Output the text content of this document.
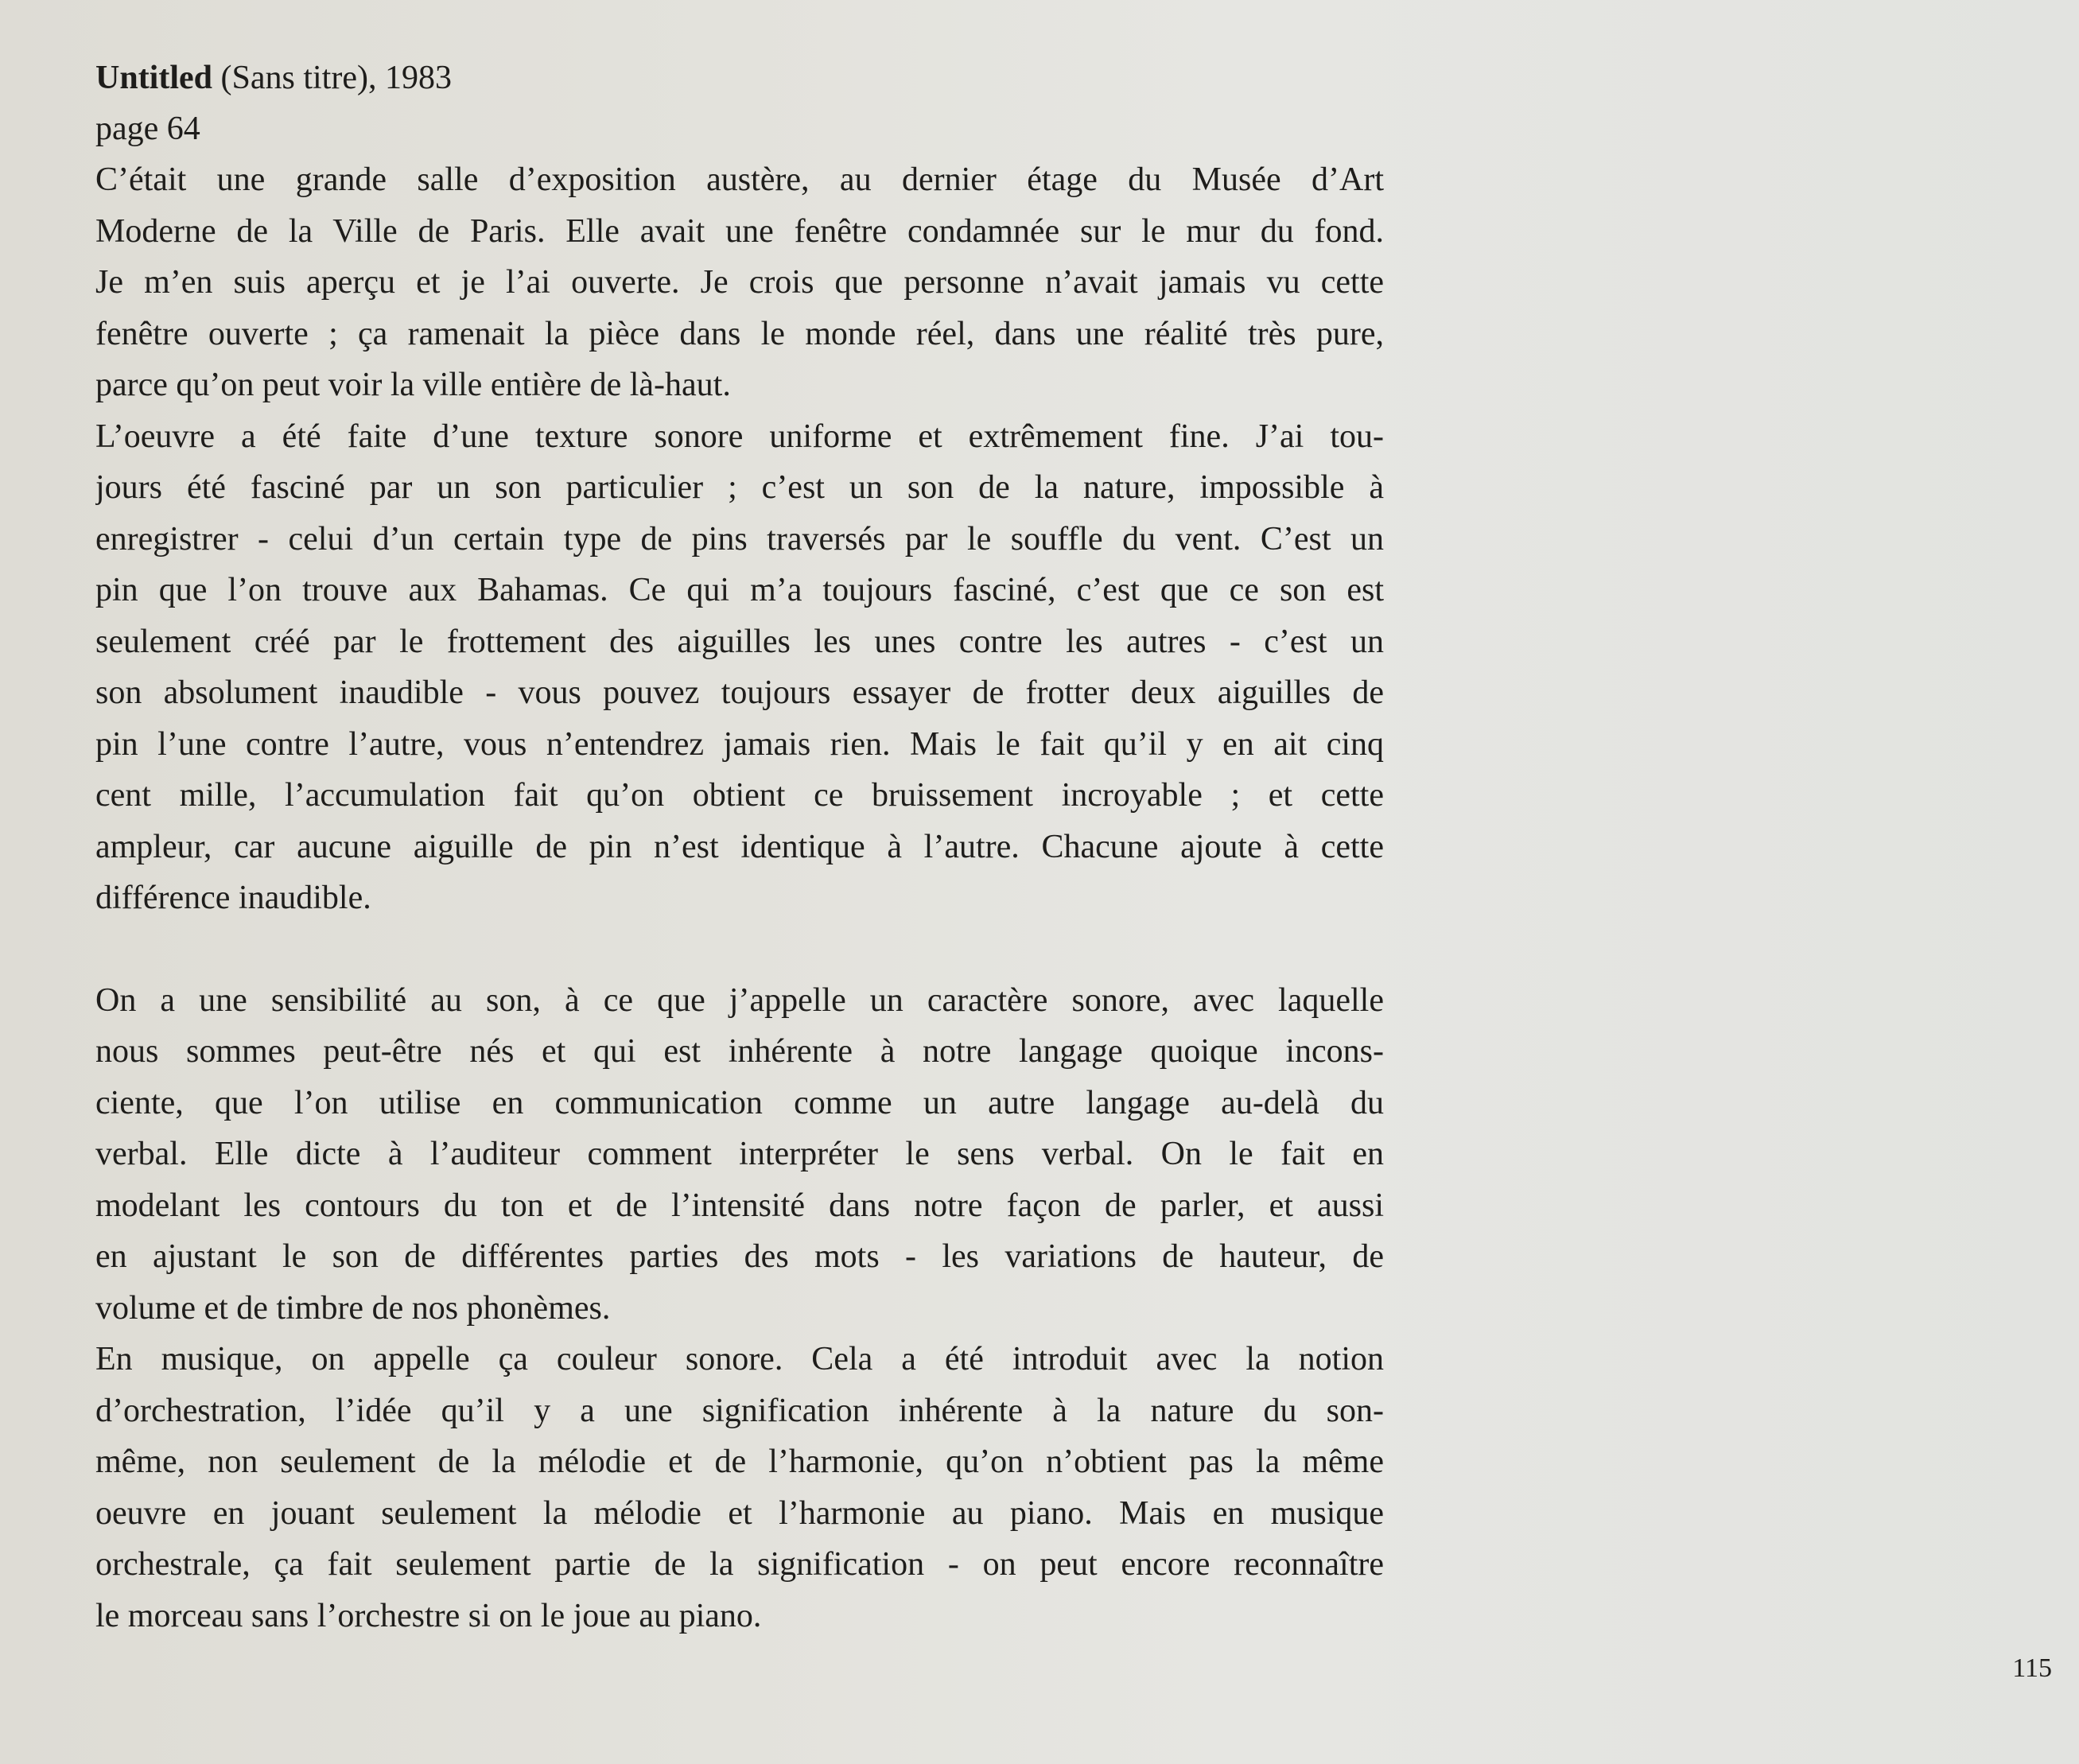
Untitled (Sans titre), 1983

page 64

C’était une grande salle d’exposition austère, au dernier étage du Musée d’Art
Moderne de la Ville de Paris. Elle avait une fenêtre condamnée sur le mur du fond.
Je m’en suis aperçu et je l’ai ouverte. Je crois que personne n’avait jamais vu cette
fenêtre ouverte ; ça ramenait la pièce dans le monde réel, dans une réalité très pure,
parce qu’on peut voir la ville entière de là-haut.
L’oeuvre a été faite d’une texture sonore uniforme et extrêmement fine. J’ai tou-
jours été fasciné par un son particulier ; c’est un son de la nature, impossible à
enregistrer - celui d’un certain type de pins traversés par le souffle du vent. C’est un
pin que l’on trouve aux Bahamas. Ce qui m’a toujours fasciné, c’est que ce son est
seulement créé par le frottement des aiguilles les unes contre les autres - c’est un
son absolument inaudible - vous pouvez toujours essayer de frotter deux aiguilles de
pin l’une contre l’autre, vous n’entendrez jamais rien. Mais le fait qu’il y en ait cinq
cent mille, l’accumulation fait qu’on obtient ce bruissement incroyable ; et cette
ampleur, car aucune aiguille de pin n’est identique à l’autre. Chacune ajoute à cette
différence inaudible.
On a une sensibilité au son, à ce que j’appelle un caractère sonore, avec laquelle
nous sommes peut-être nés et qui est inhérente à notre langage quoique incons-
ciente, que l’on utilise en communication comme un autre langage au-delà du
verbal. Elle dicte à l’auditeur comment interpréter le sens verbal. On le fait en
modelant les contours du ton et de l’intensité dans notre façon de parler, et aussi
en ajustant le son de différentes parties des mots - les variations de hauteur, de
volume et de timbre de nos phonèmes.
En musique, on appelle ça couleur sonore. Cela a été introduit avec la notion
d’orchestration, l’idée qu’il y a une signification inhérente à la nature du son-
même, non seulement de la mélodie et de l’harmonie, qu’on n’obtient pas la même
oeuvre en jouant seulement la mélodie et l’harmonie au piano. Mais en musique
orchestrale, ça fait seulement partie de la signification - on peut encore reconnaître
le morceau sans l’orchestre si on le joue au piano.
115
